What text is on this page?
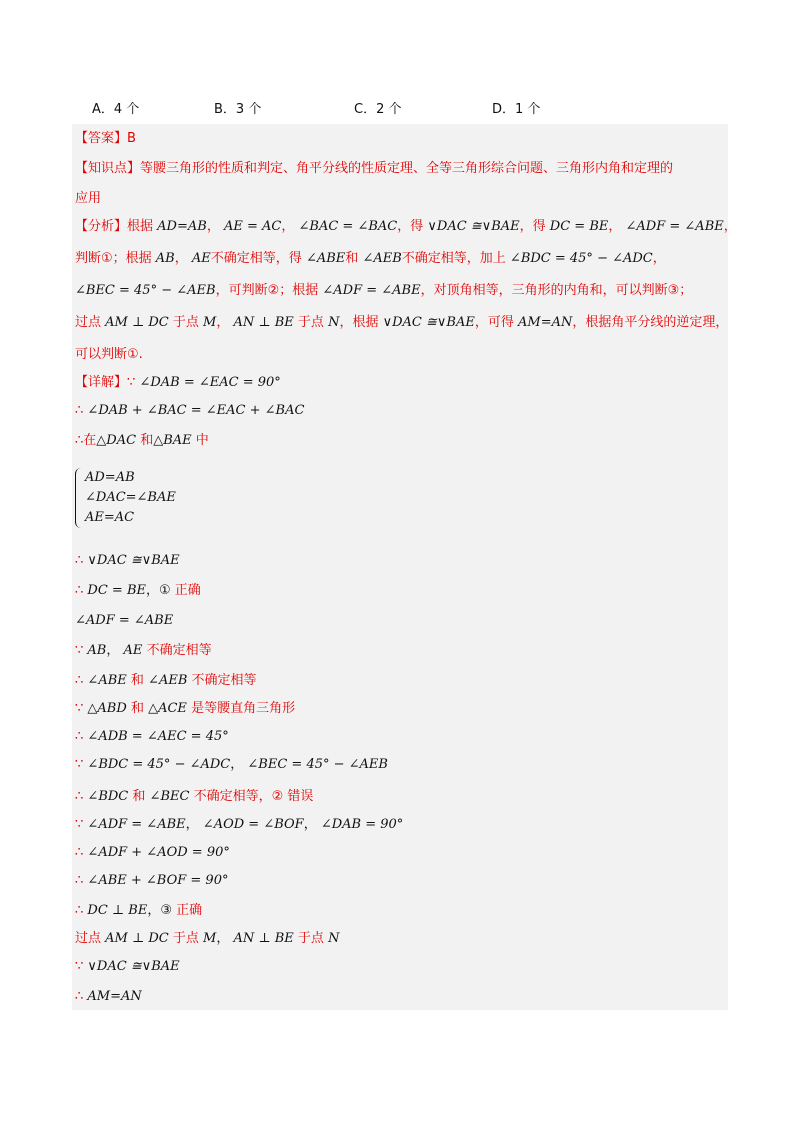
A．4 个	B．3 个	C．2 个	D．1 个
【答案】B
【知识点】等腰三角形的性质和判定、角平分线的性质定理、全等三角形综合问题、三角形内角和定理的
应用
【分析】根据 AD=AB， AE = AC， ∠BAC = ∠BAC，得 ∨DAC ≅∨BAE，得 DC = BE， ∠ADF = ∠ABE，
判断①；根据 AB， AE不确定相等，得 ∠ABE和 ∠AEB不确定相等，加上 ∠BDC = 45° − ∠ADC，
∠BEC = 45° − ∠AEB，可判断②；根据 ∠ADF = ∠ABE，对顶角相等，三角形的内角和，可以判断③；
过点 AM ⊥ DC 于点 M， AN ⊥ BE 于点 N，根据 ∨DAC ≅∨BAE，可得 AM=AN，根据角平分线的逆定理，
可以判断①.
【详解】∵ ∠DAB = ∠EAC = 90°
∴ ∠DAB + ∠BAC = ∠EAC + ∠BAC
∴在△DAC 和△BAE 中
AD=AB
∠DAC=∠BAE
AE=AC
∴ ∨DAC ≅∨BAE
∴ DC = BE，① 正确
∠ADF = ∠ABE
∵ AB， AE 不确定相等
∴ ∠ABE 和 ∠AEB 不确定相等
∵ △ABD 和 △ACE 是等腰直角三角形
∴ ∠ADB = ∠AEC = 45°
∵ ∠BDC = 45° − ∠ADC， ∠BEC = 45° − ∠AEB
∴ ∠BDC 和 ∠BEC 不确定相等，② 错误
∵ ∠ADF = ∠ABE， ∠AOD = ∠BOF， ∠DAB = 90°
∴ ∠ADF + ∠AOD = 90°
∴ ∠ABE + ∠BOF = 90°
∴ DC ⊥ BE，③ 正确
过点 AM ⊥ DC 于点 M， AN ⊥ BE 于点 N
∵ ∨DAC ≅∨BAE
∴ AM=AN
